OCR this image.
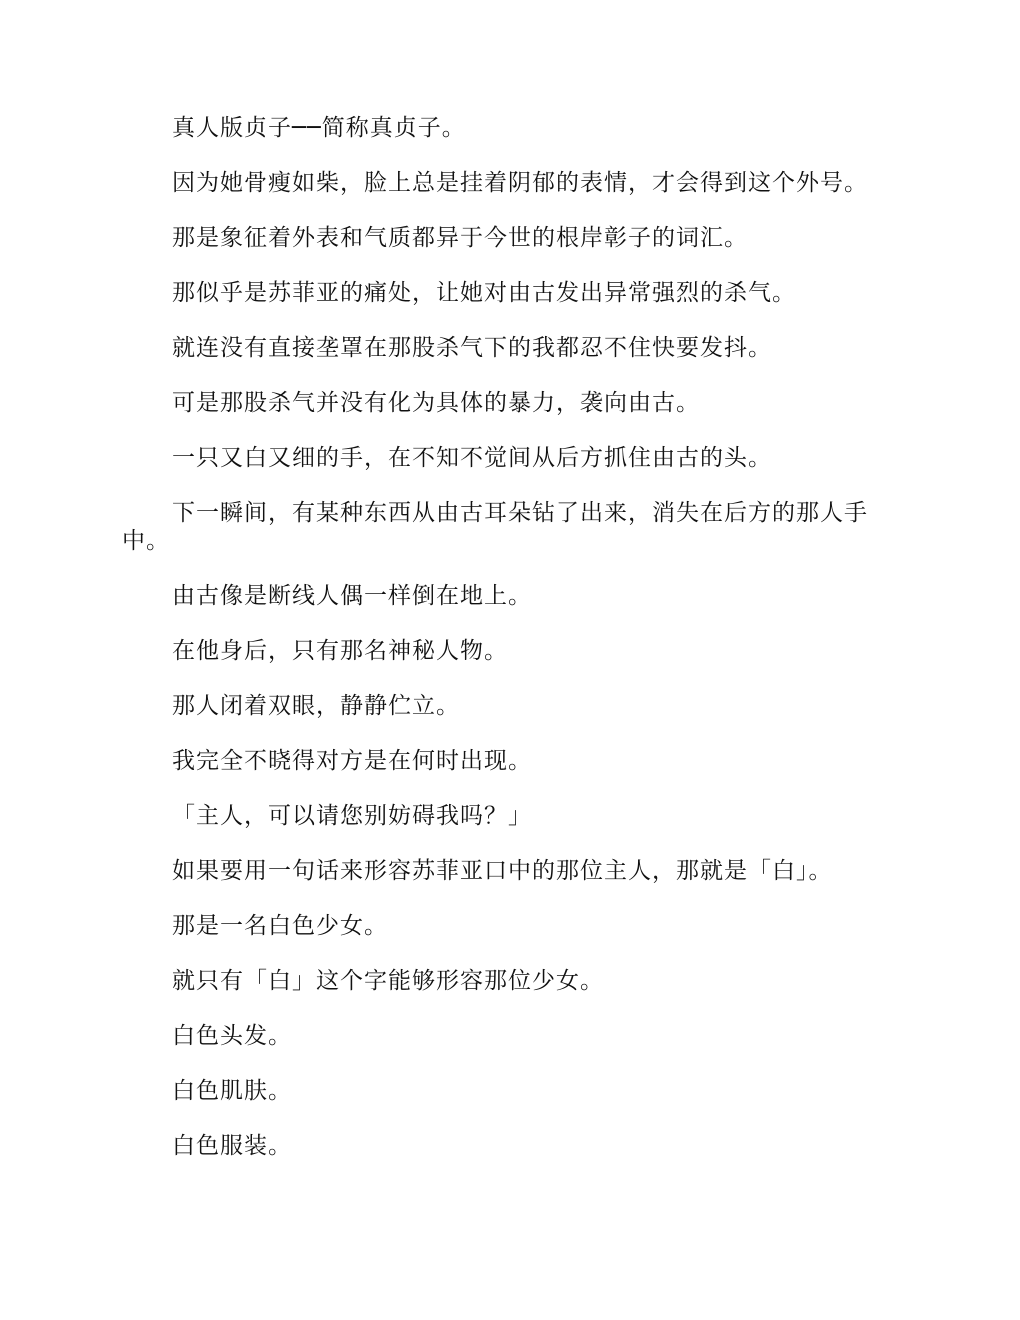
真人版贞子──简称真贞子。

因为她骨瘦如柴，脸上总是挂着阴郁的表情，才会得到这个外号。

那是象征着外表和气质都异于今世的根岸彰子的词汇。

那似乎是苏菲亚的痛处，让她对由古发出异常强烈的杀气。

就连没有直接垄罩在那股杀气下的我都忍不住快要发抖。

可是那股杀气并没有化为具体的暴力，袭向由古。

一只又白又细的手，在不知不觉间从后方抓住由古的头。

下一瞬间，有某种东西从由古耳朵钻了出来，消失在后方的那人手中。

由古像是断线人偶一样倒在地上。

在他身后，只有那名神秘人物。

那人闭着双眼，静静伫立。

我完全不晓得对方是在何时出现。

「主人，可以请您别妨碍我吗？」

如果要用一句话来形容苏菲亚口中的那位主人，那就是「白」。

那是一名白色少女。

就只有「白」这个字能够形容那位少女。

白色头发。

白色肌肤。

白色服装。
